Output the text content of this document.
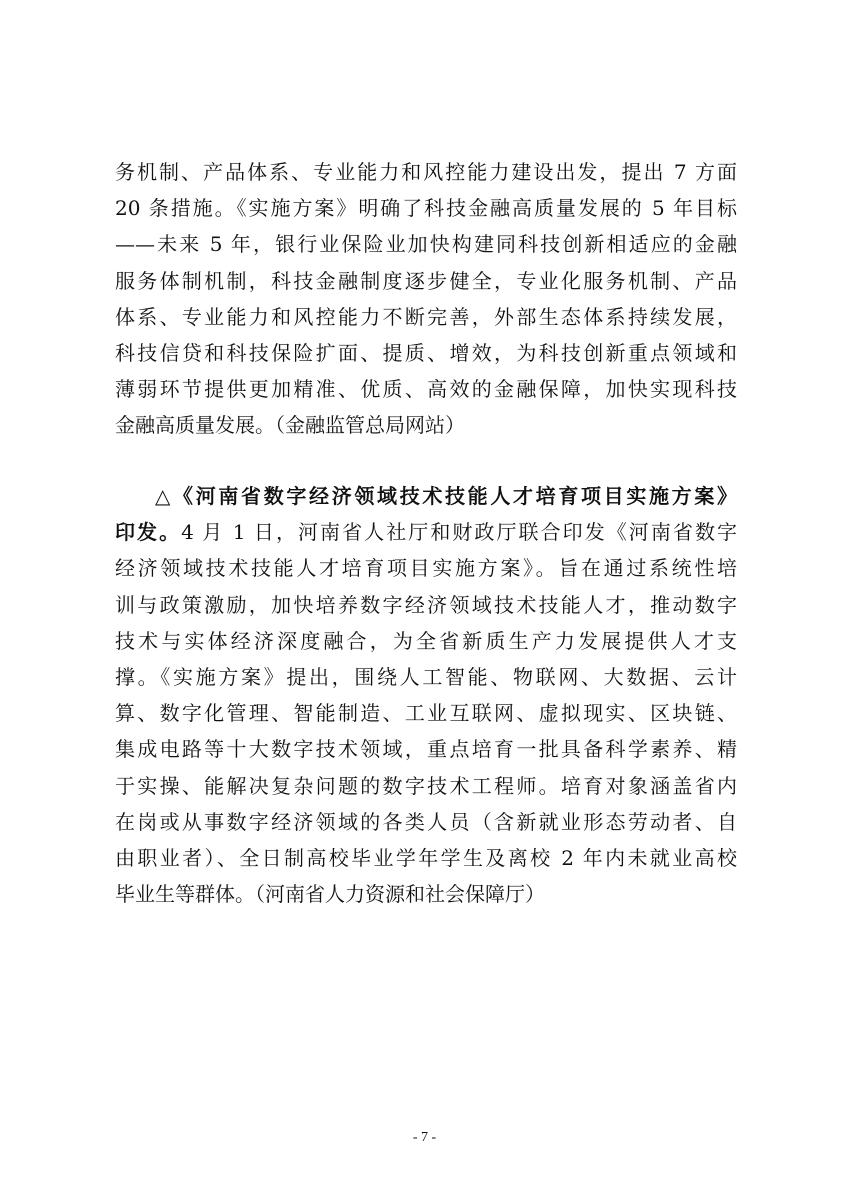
务机制、产品体系、专业能力和风控能力建设出发，提出 7 方面
20 条措施。《实施方案》明确了科技金融高质量发展的 5 年目标
——未来 5 年，银行业保险业加快构建同科技创新相适应的金融
服务体制机制，科技金融制度逐步健全，专业化服务机制、产品
体系、专业能力和风控能力不断完善，外部生态体系持续发展，
科技信贷和科技保险扩面、提质、增效，为科技创新重点领域和
薄弱环节提供更加精准、优质、高效的金融保障，加快实现科技
金融高质量发展。（金融监管总局网站）
△《河南省数字经济领域技术技能人才培育项目实施方案》
印发。4 月 1 日，河南省人社厅和财政厅联合印发《河南省数字
经济领域技术技能人才培育项目实施方案》。旨在通过系统性培
训与政策激励，加快培养数字经济领域技术技能人才，推动数字
技术与实体经济深度融合，为全省新质生产力发展提供人才支
撑。《实施方案》提出，围绕人工智能、物联网、大数据、云计
算、数字化管理、智能制造、工业互联网、虚拟现实、区块链、
集成电路等十大数字技术领域，重点培育一批具备科学素养、精
于实操、能解决复杂问题的数字技术工程师。培育对象涵盖省内
在岗或从事数字经济领域的各类人员（含新就业形态劳动者、自
由职业者）、全日制高校毕业学年学生及离校 2 年内未就业高校
毕业生等群体。（河南省人力资源和社会保障厅）
- 7 -
